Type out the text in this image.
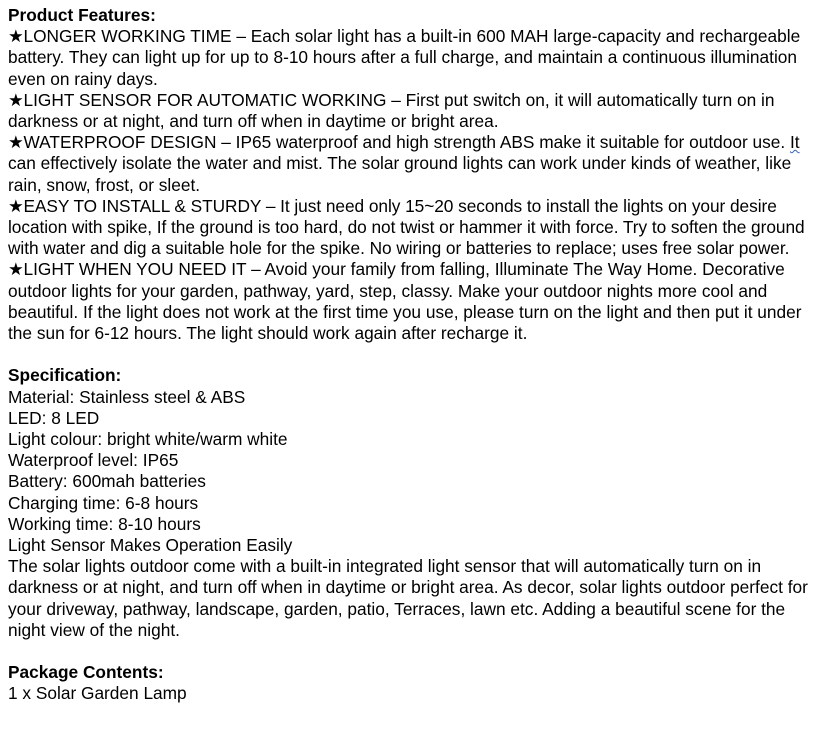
Product Features:
★LONGER WORKING TIME – Each solar light has a built-in 600 MAH large-capacity and rechargeable battery. They can light up for up to 8-10 hours after a full charge, and maintain a continuous illumination even on rainy days.
★LIGHT SENSOR FOR AUTOMATIC WORKING – First put switch on, it will automatically turn on in darkness or at night, and turn off when in daytime or bright area.
★WATERPROOF DESIGN – IP65 waterproof and high strength ABS make it suitable for outdoor use. It can effectively isolate the water and mist. The solar ground lights can work under kinds of weather, like rain, snow, frost, or sleet.
★EASY TO INSTALL & STURDY – It just need only 15~20 seconds to install the lights on your desire location with spike, If the ground is too hard, do not twist or hammer it with force. Try to soften the ground with water and dig a suitable hole for the spike. No wiring or batteries to replace; uses free solar power.
★LIGHT WHEN YOU NEED IT – Avoid your family from falling, Illuminate The Way Home. Decorative outdoor lights for your garden, pathway, yard, step, classy. Make your outdoor nights more cool and beautiful. If the light does not work at the first time you use, please turn on the light and then put it under the sun for 6-12 hours. The light should work again after recharge it.
Specification:
Material: Stainless steel & ABS
LED: 8 LED
Light colour: bright white/warm white
Waterproof level: IP65
Battery: 600mah batteries
Charging time: 6-8 hours
Working time: 8-10 hours
Light Sensor Makes Operation Easily
The solar lights outdoor come with a built-in integrated light sensor that will automatically turn on in darkness or at night, and turn off when in daytime or bright area. As decor, solar lights outdoor perfect for your driveway, pathway, landscape, garden, patio, Terraces, lawn etc. Adding a beautiful scene for the night view of the night.
Package Contents:
1 x Solar Garden Lamp
